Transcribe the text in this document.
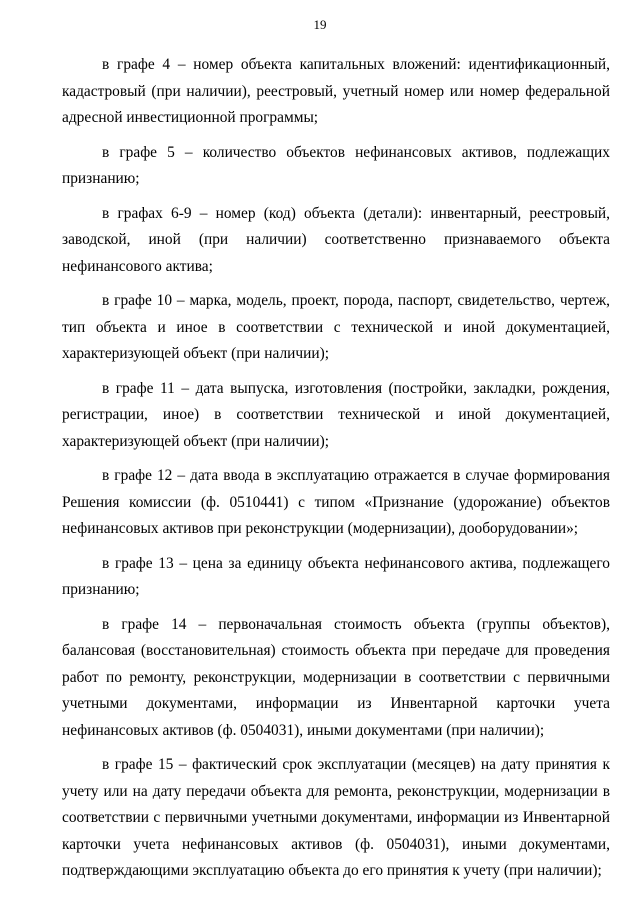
19

в графе 4 – номер объекта капитальных вложений: идентификационный, кадастровый (при наличии), реестровый, учетный номер или номер федеральной адресной инвестиционной программы;

в графе 5 – количество объектов нефинансовых активов, подлежащих признанию;

в графах 6-9 – номер (код) объекта (детали): инвентарный, реестровый, заводской, иной (при наличии) соответственно признаваемого объекта нефинансового актива;

в графе 10 – марка, модель, проект, порода, паспорт, свидетельство, чертеж, тип объекта и иное в соответствии с технической и иной документацией, характеризующей объект (при наличии);

в графе 11 – дата выпуска, изготовления (постройки, закладки, рождения, регистрации, иное) в соответствии технической и иной документацией, характеризующей объект (при наличии);

в графе 12 – дата ввода в эксплуатацию отражается в случае формирования Решения комиссии (ф. 0510441) с типом «Признание (удорожание) объектов нефинансовых активов при реконструкции (модернизации), дооборудовании»;

в графе 13 – цена за единицу объекта нефинансового актива, подлежащего признанию;

в графе 14 – первоначальная стоимость объекта (группы объектов), балансовая (восстановительная) стоимость объекта при передаче для проведения работ по ремонту, реконструкции, модернизации в соответствии с первичными учетными документами, информации из Инвентарной карточки учета нефинансовых активов (ф. 0504031), иными документами (при наличии);

в графе 15 – фактический срок эксплуатации (месяцев) на дату принятия к учету или на дату передачи объекта для ремонта, реконструкции, модернизации в соответствии с первичными учетными документами, информации из Инвентарной карточки учета нефинансовых активов (ф. 0504031), иными документами, подтверждающими эксплуатацию объекта до его принятия к учету (при наличии);
